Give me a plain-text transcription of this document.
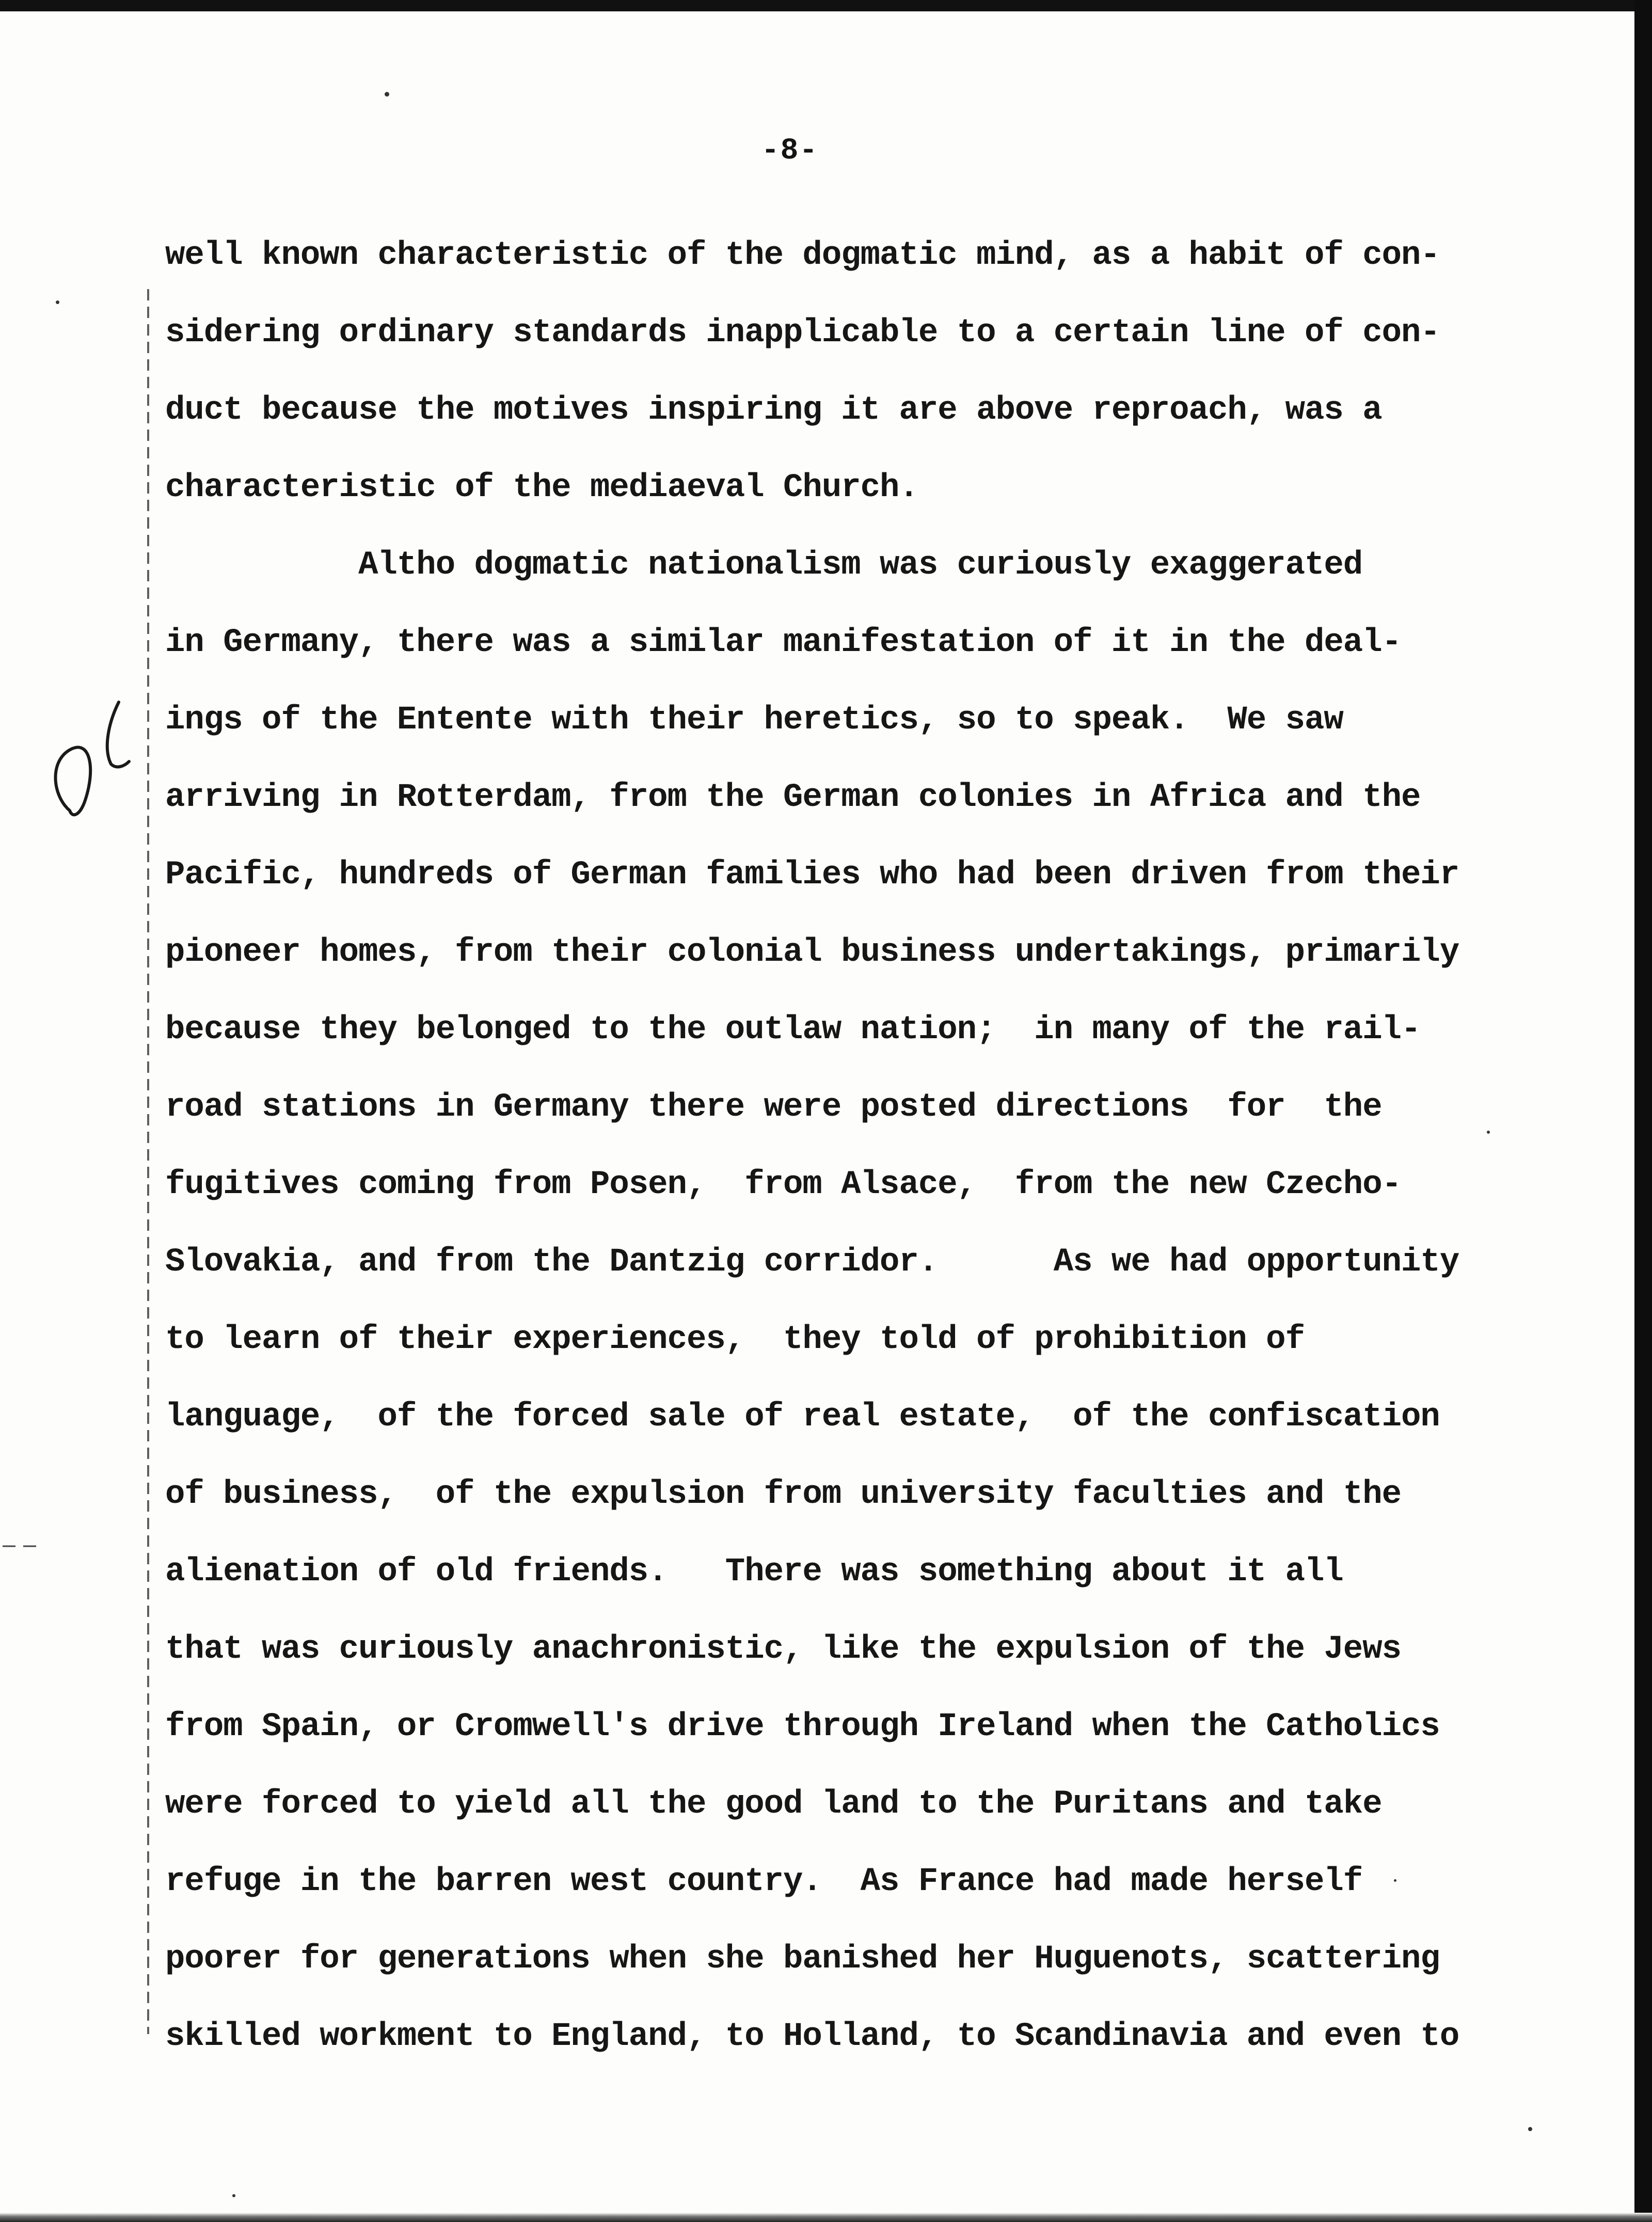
-8-
well known characteristic of the dogmatic mind, as a habit of con-
sidering ordinary standards inapplicable to a certain line of con-
duct because the motives inspiring it are above reproach, was a
characteristic of the mediaeval Church.
Altho dogmatic nationalism was curiously exaggerated
in Germany, there was a similar manifestation of it in the deal-
ings of the Entente with their heretics, so to speak.  We saw
arriving in Rotterdam, from the German colonies in Africa and the
Pacific, hundreds of German families who had been driven from their
pioneer homes, from their colonial business undertakings, primarily
because they belonged to the outlaw nation;  in many of the rail-
road stations in Germany there were posted directions  for  the
fugitives coming from Posen,  from Alsace,  from the new Czecho-
Slovakia, and from the Dantzig corridor.      As we had opportunity
to learn of their experiences,  they told of prohibition of
language,  of the forced sale of real estate,  of the confiscation
of business,  of the expulsion from university faculties and the
alienation of old friends.   There was something about it all
that was curiously anachronistic, like the expulsion of the Jews
from Spain, or Cromwell's drive through Ireland when the Catholics
were forced to yield all the good land to the Puritans and take
refuge in the barren west country.  As France had made herself
poorer for generations when she banished her Huguenots, scattering
skilled workment to England, to Holland, to Scandinavia and even to
